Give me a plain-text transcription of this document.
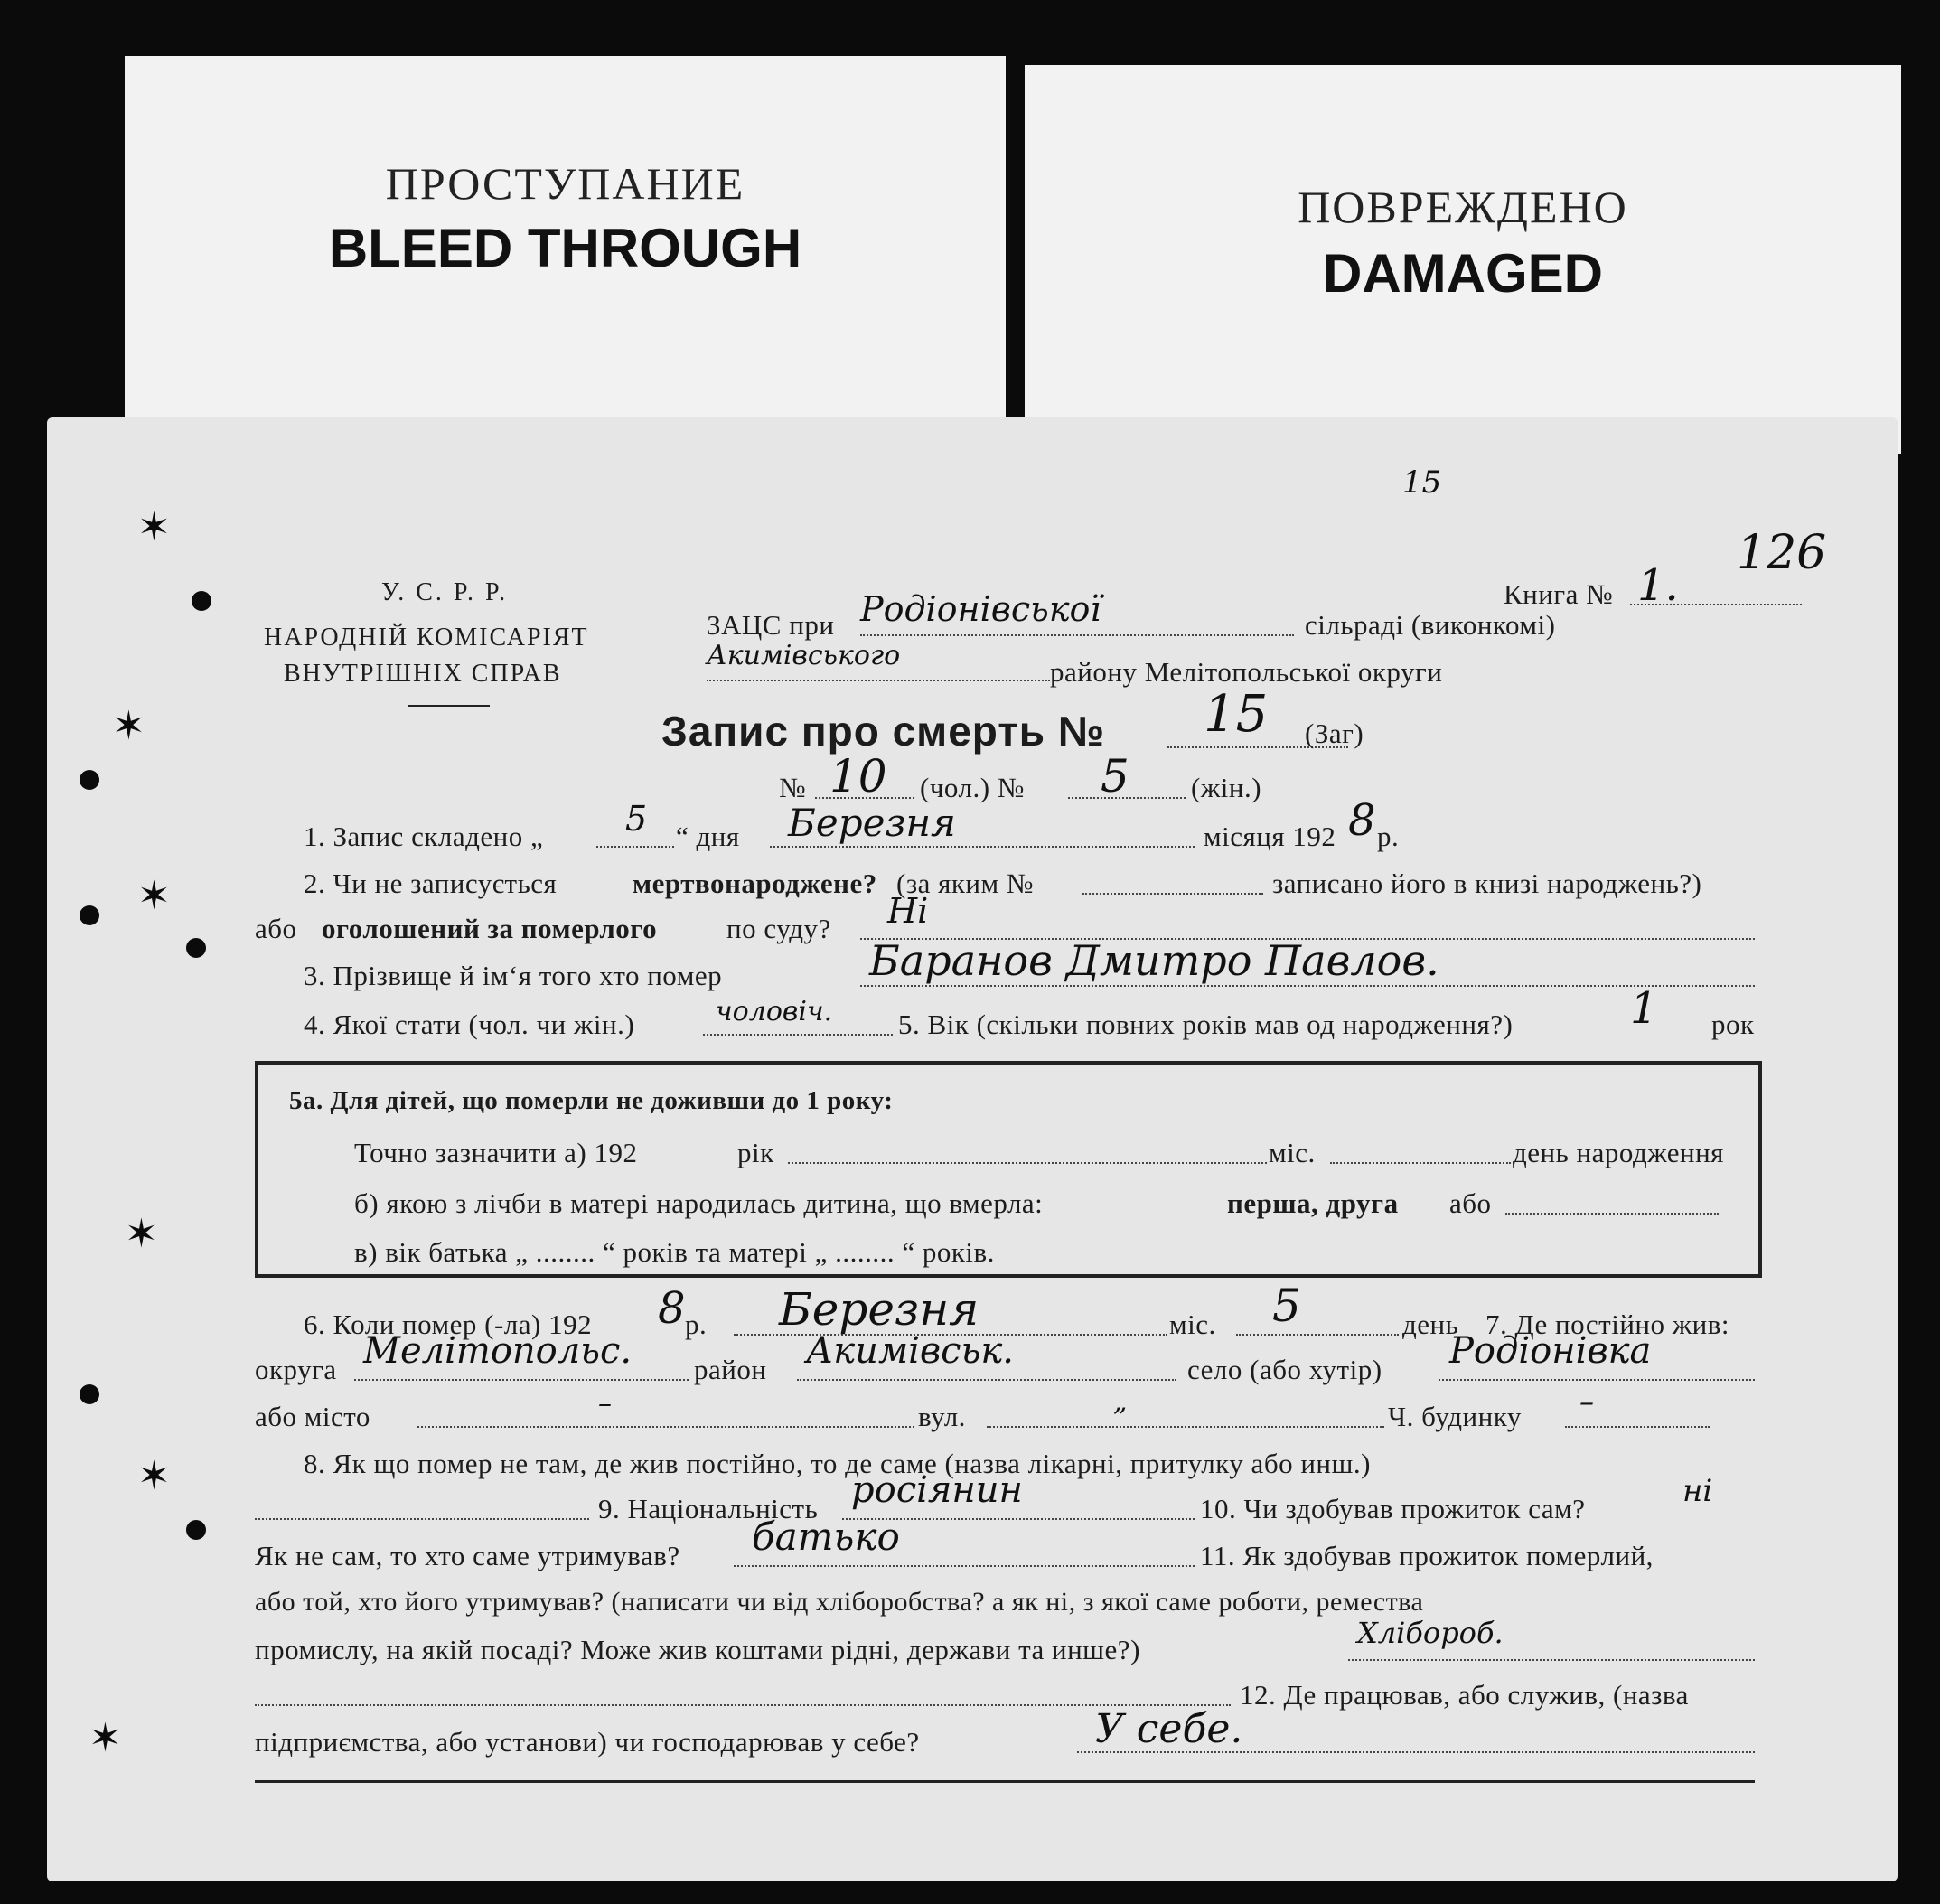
ПРОСТУПАНИЕ
BLEED THROUGH
ПОВРЕЖДЕНО
DAMAGED
✶
✶
✶
✶
✶
✶
15
126
У. С. Р. Р.
НАРОДНІЙ КОМІСАРІЯТ
ВНУТРІШНІХ СПРАВ
Книга № 1.
ЗАЦС при Родіонівської	сільраді (виконкомі)
Акимівського
району Мелітопольської округи
Запис про смерть № 15 (Заг)
№ 10 (чол.) № 5 (жін.)
1. Запис складено „ 5 “ дня Березня	місяця 192 8 р.
2. Чи не записується	мертвонароджене? (за яким №	записано його в книзі народжень?)
або оголошений за померлого по суду? Ні
3. Прізвище й ім‘я того хто помер	Баранов Дмитро Павлов.
4. Якої стати (чол. чи жін.)	чоловіч. 5. Вік (скільки повних років мав од народження?)	1 рок
5а. Для дітей, що померли не доживши до 1 року:
Точно зазначити а) 192	рік	міс.	день народження
б) якою з лічби в матері народилась дитина, що вмерла:	перша, друга або
в) вік батька „ ........ “ років та матері „ ........ “ років.
6. Коли помер (-ла) 192 8 р. Березня	міс. 5	день 7. Де постійно жив:
округа Мелітопольс. район Акимівськ.	село (або хутір) Родіонівка
або місто	–	вул.	„	Ч. будинку –
8. Як що помер не там, де жив постійно, то де саме (назва лікарні, притулку або инш.)
9. Національність росіянин	10. Чи здобував прожиток сам?	ні
Як не сам, то хто саме утримував? батько	11. Як здобував прожиток померлий,
або той, хто його утримував? (написати чи від хліборобства? а як ні, з якої саме роботи, ремества
промислу, на якій посаді? Може жив коштами рідні, держави та инше?)	Хлібороб.
12. Де працював, або служив, (назва
підприємства, або установи) чи господарював у себе?	У себе.
